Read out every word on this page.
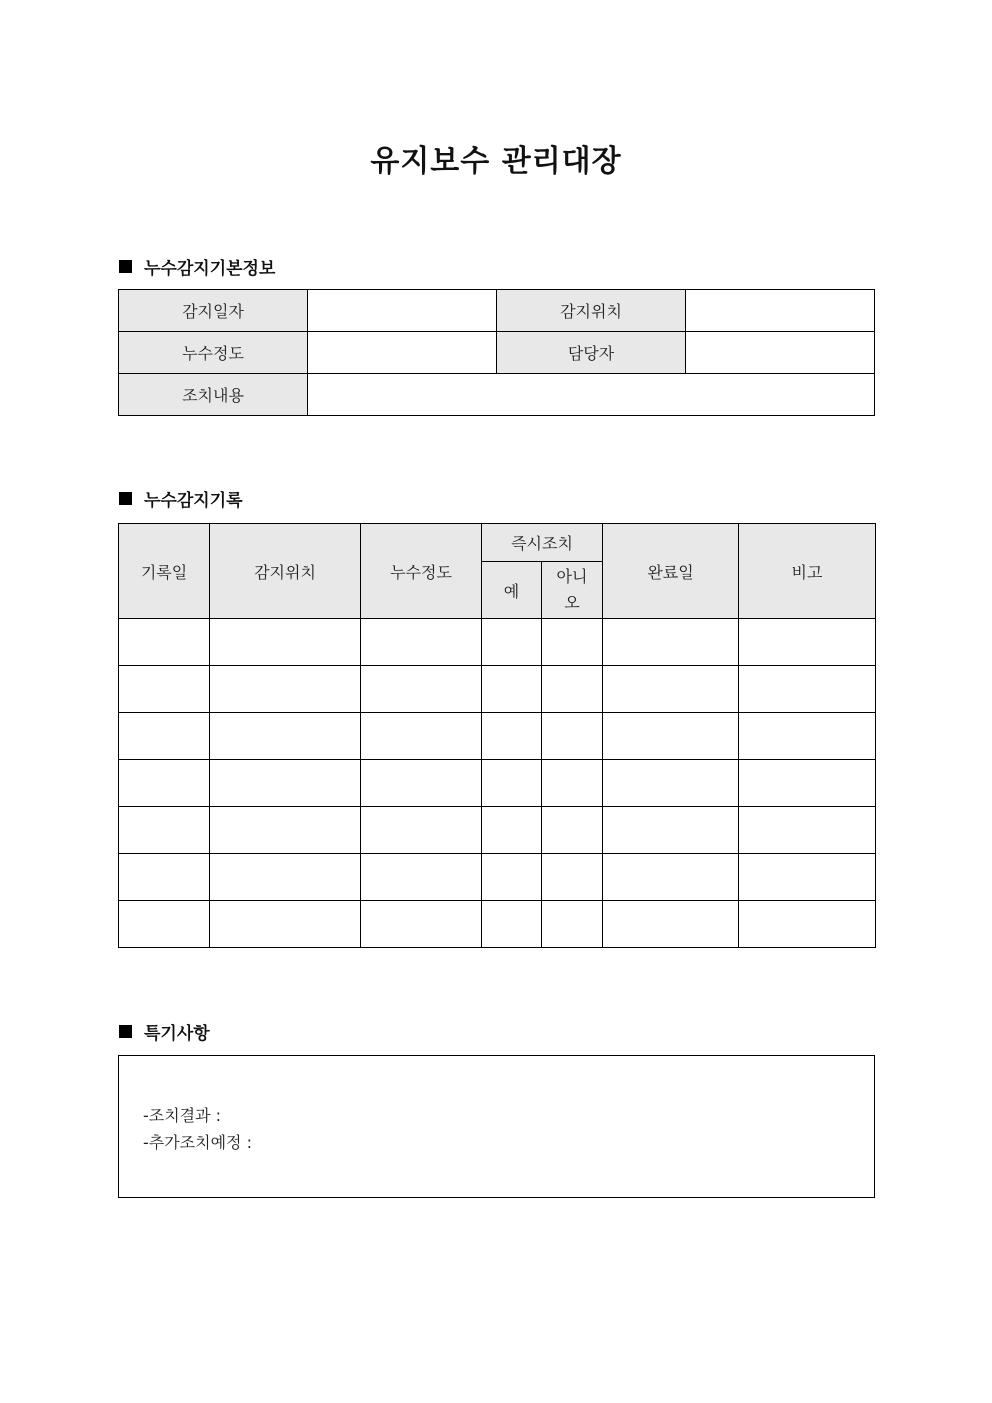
유지보수 관리대장
누수감지기본정보
감지일자		감지위치	
누수정도		담당자	
조치내용			
누수감지기록
기록일	감지위치	누수정도	즉시조치		완료일	비고
			예	아니
오		

특기사항
-조치결과 :
-추가조치예정 :
